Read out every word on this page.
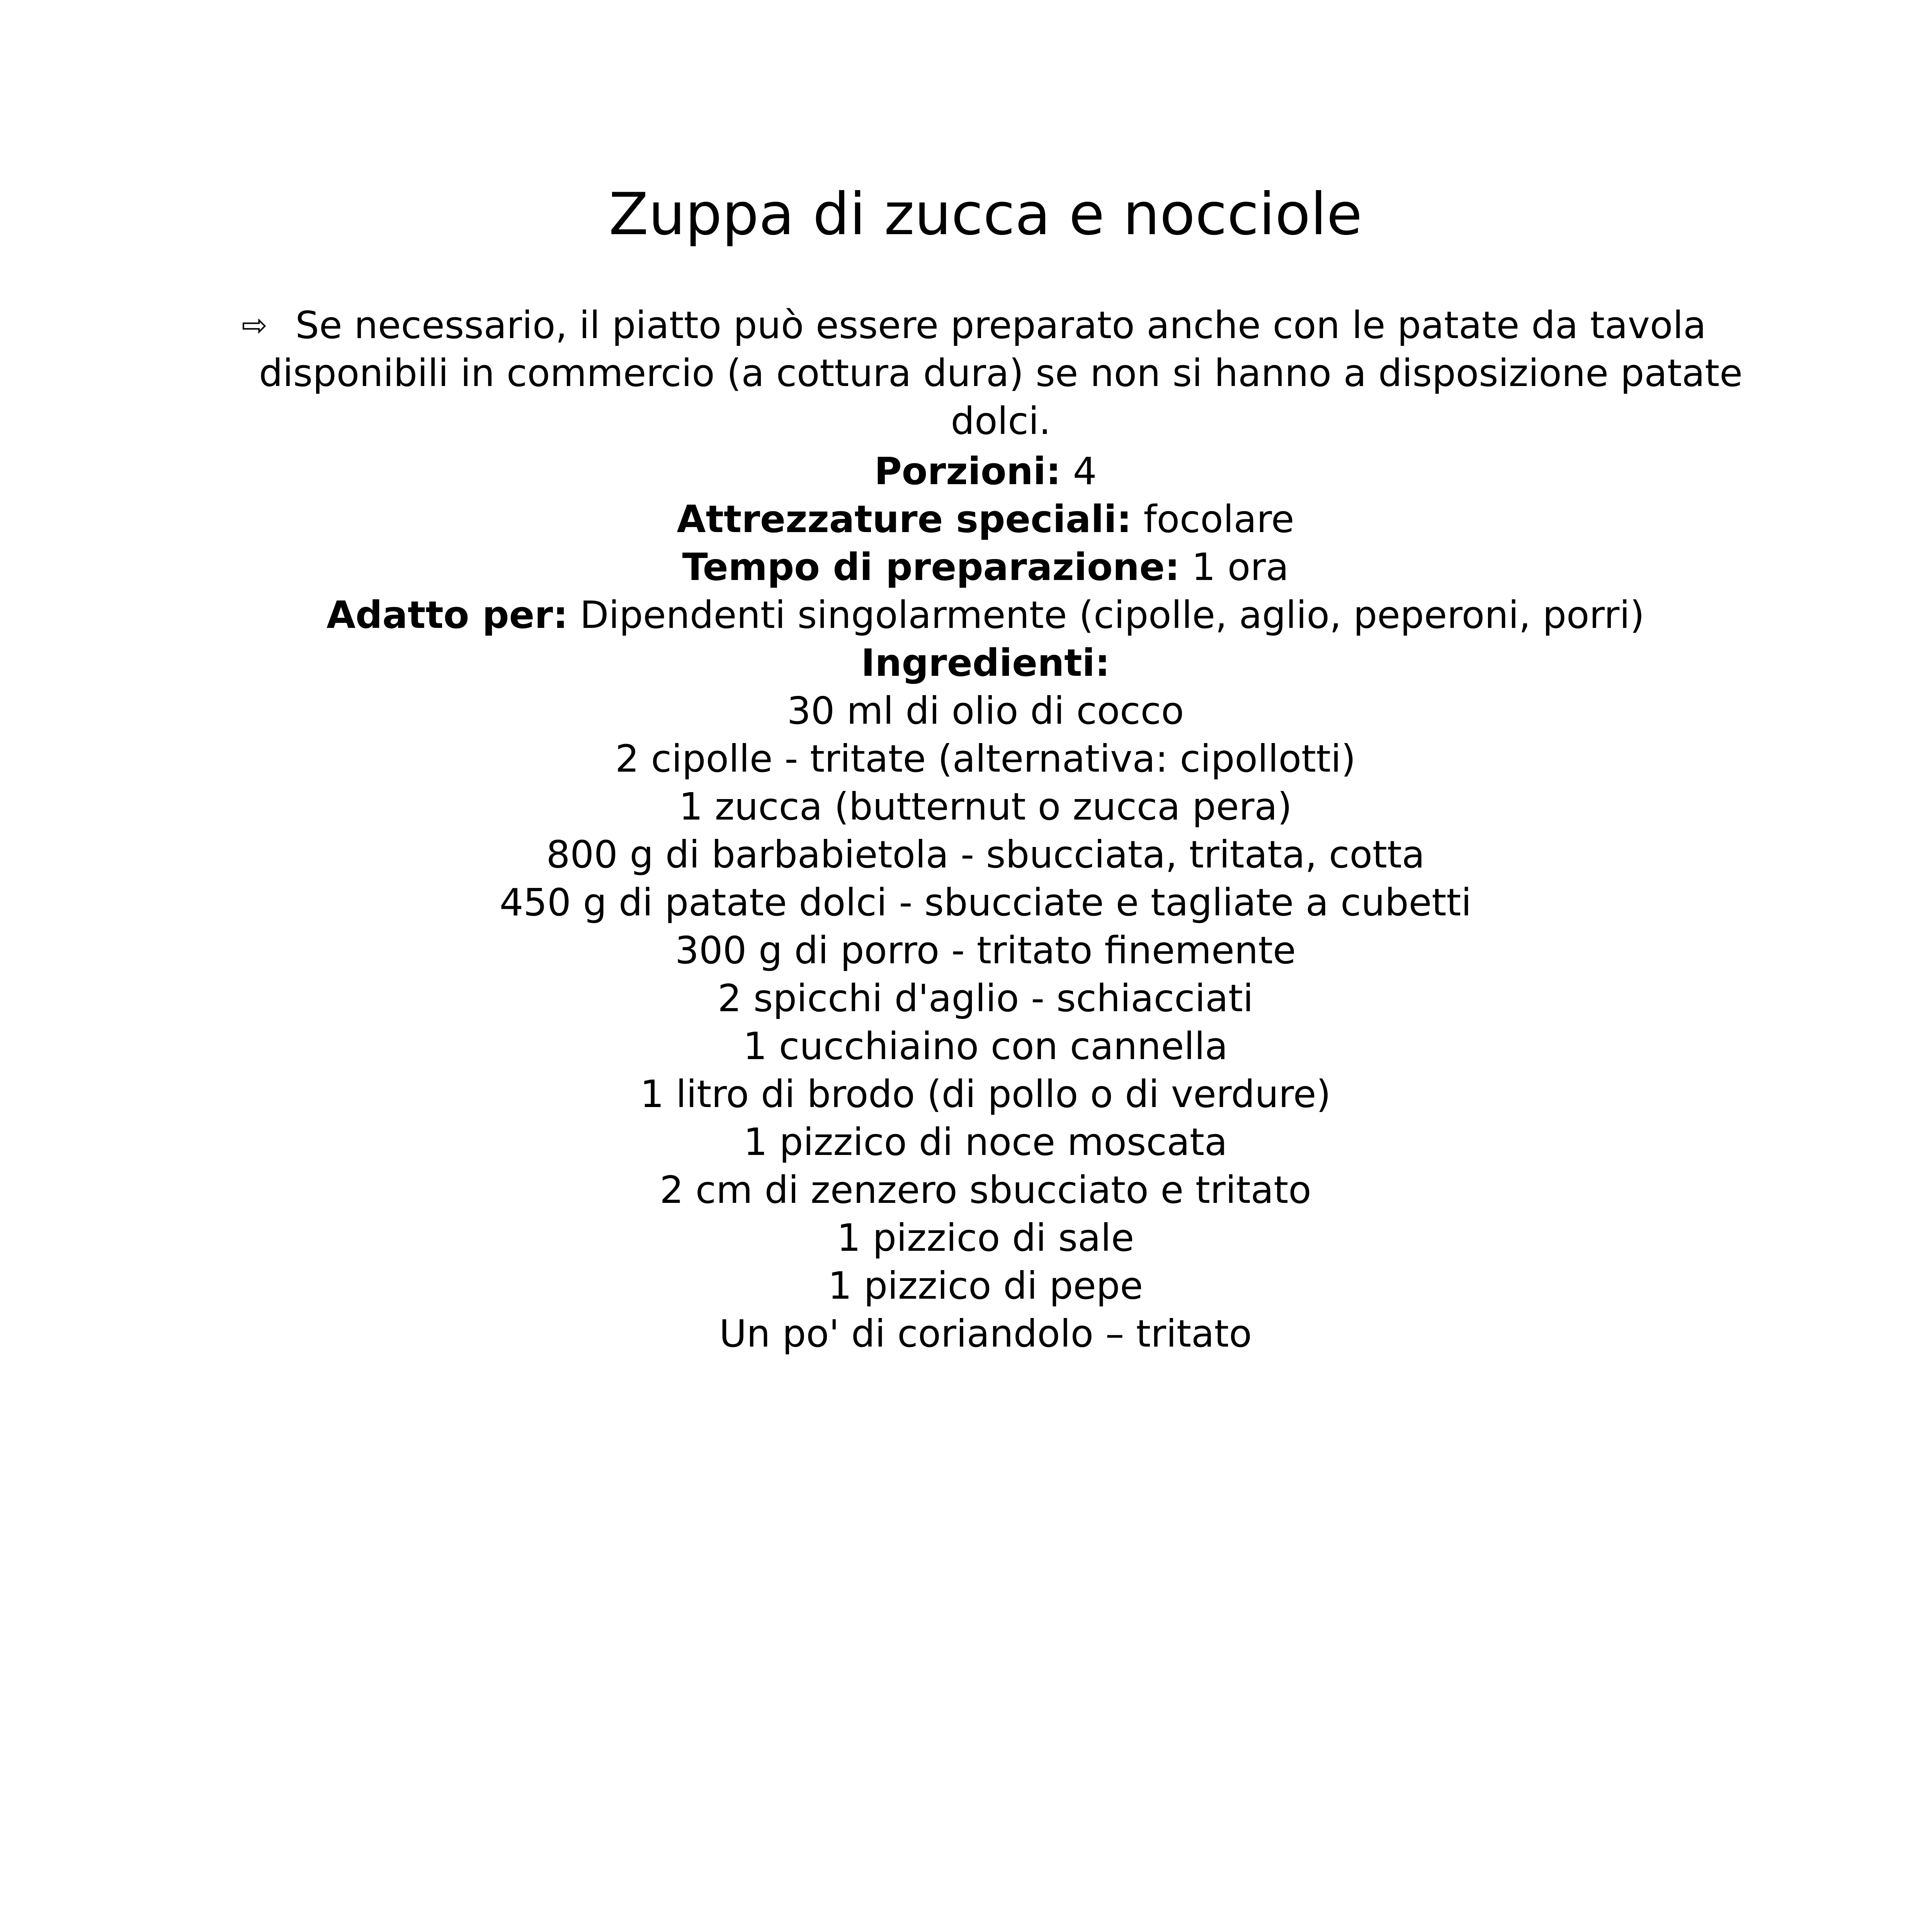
Zuppa di zucca e nocciole
⇨ Se necessario, il piatto può essere preparato anche con le patate da tavola disponibili in commercio (a cottura dura) se non si hanno a disposizione patate dolci.
Porzioni: 4
Attrezzature speciali: focolare
Tempo di preparazione: 1 ora
Adatto per: Dipendenti singolarmente (cipolle, aglio, peperoni, porri)
Ingredienti:
30 ml di olio di cocco
2 cipolle - tritate (alternativa: cipollotti)
1 zucca (butternut o zucca pera)
800 g di barbabietola - sbucciata, tritata, cotta
450 g di patate dolci - sbucciate e tagliate a cubetti
300 g di porro - tritato finemente
2 spicchi d'aglio - schiacciati
1 cucchiaino con cannella
1 litro di brodo (di pollo o di verdure)
1 pizzico di noce moscata
2 cm di zenzero sbucciato e tritato
1 pizzico di sale
1 pizzico di pepe
Un po' di coriandolo – tritato
